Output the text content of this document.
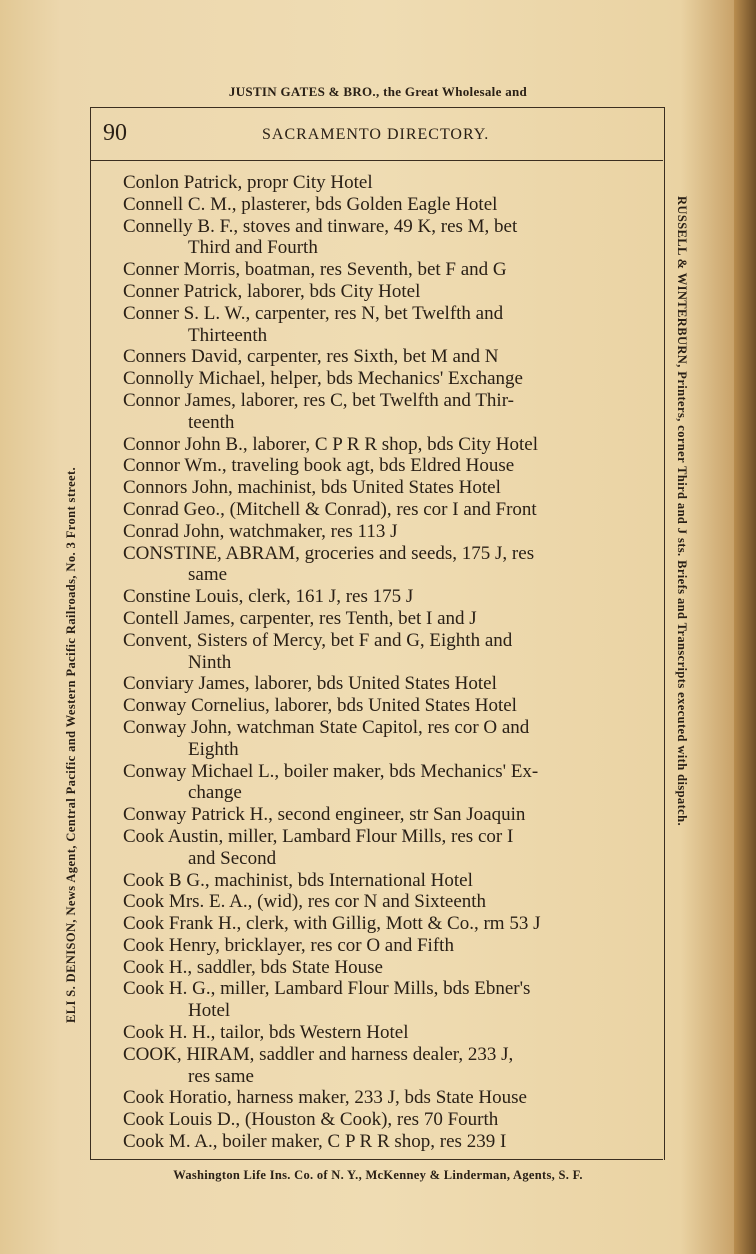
JUSTIN GATES & BRO., the Great Wholesale and
90	SACRAMENTO DIRECTORY.
ELI S. DENISON, News Agent, Central Pacific and Western Pacific Railroads, No. 3 Front street.	RUSSELL & WINTERBURN, Printers, corner Third and J sts. Briefs and Transcripts executed with dispatch.
Conlon Patrick, propr City Hotel
Connell C. M., plasterer, bds Golden Eagle Hotel
Connelly B. F., stoves and tinware, 49 K, res M, bet
Third and Fourth
Conner Morris, boatman, res Seventh, bet F and G
Conner Patrick, laborer, bds City Hotel
Conner S. L. W., carpenter, res N, bet Twelfth and
Thirteenth
Conners David, carpenter, res Sixth, bet M and N
Connolly Michael, helper, bds Mechanics' Exchange
Connor James, laborer, res C, bet Twelfth and Thir-
teenth
Connor John B., laborer, C P R R shop, bds City Hotel
Connor Wm., traveling book agt, bds Eldred House
Connors John, machinist, bds United States Hotel
Conrad Geo., (Mitchell & Conrad), res cor I and Front
Conrad John, watchmaker, res 113 J
CONSTINE, ABRAM, groceries and seeds, 175 J, res
same
Constine Louis, clerk, 161 J, res 175 J
Contell James, carpenter, res Tenth, bet I and J
Convent, Sisters of Mercy, bet F and G, Eighth and
Ninth
Conviary James, laborer, bds United States Hotel
Conway Cornelius, laborer, bds United States Hotel
Conway John, watchman State Capitol, res cor O and
Eighth
Conway Michael L., boiler maker, bds Mechanics' Ex-
change
Conway Patrick H., second engineer, str San Joaquin
Cook Austin, miller, Lambard Flour Mills, res cor I
and Second
Cook B G., machinist, bds International Hotel
Cook Mrs. E. A., (wid), res cor N and Sixteenth
Cook Frank H., clerk, with Gillig, Mott & Co., rm 53 J
Cook Henry, bricklayer, res cor O and Fifth
Cook H., saddler, bds State House
Cook H. G., miller, Lambard Flour Mills, bds Ebner's
Hotel
Cook H. H., tailor, bds Western Hotel
COOK, HIRAM, saddler and harness dealer, 233 J,
res same
Cook Horatio, harness maker, 233 J, bds State House
Cook Louis D., (Houston & Cook), res 70 Fourth
Cook M. A., boiler maker, C P R R shop, res 239 I
Washington Life Ins. Co. of N. Y., McKenney & Linderman, Agents, S. F.
